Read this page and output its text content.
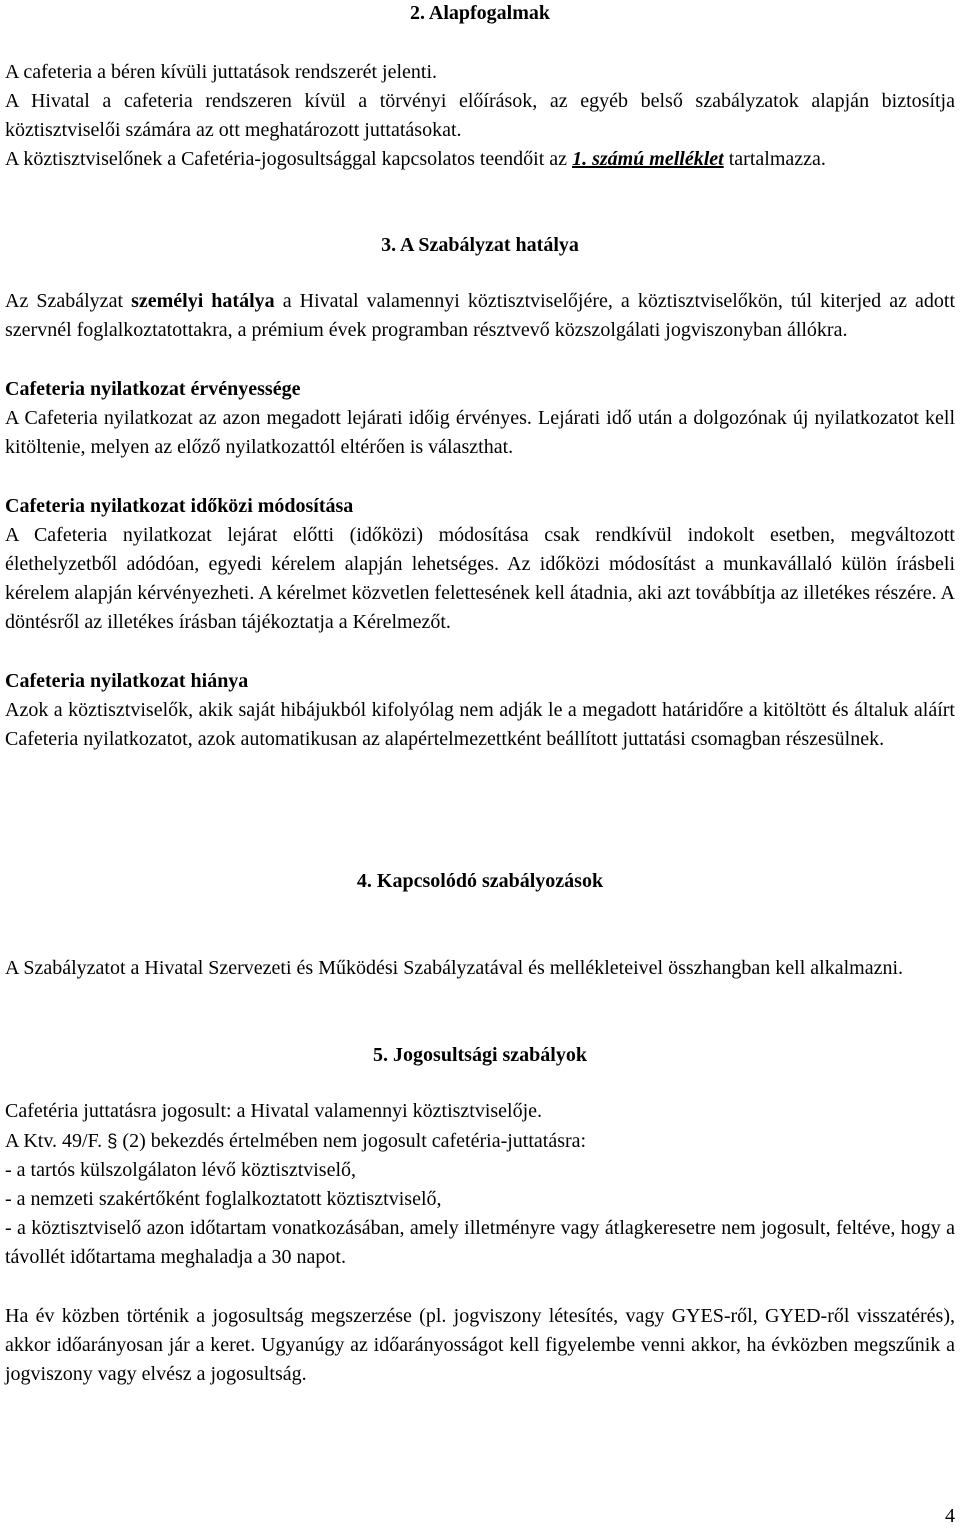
2. Alapfogalmak

A cafeteria a béren kívüli juttatások rendszerét jelenti.

A Hivatal a cafeteria rendszeren kívül a törvényi előírások, az egyéb belső szabályzatok alapján biztosítja köztisztviselői számára az ott meghatározott juttatásokat.

A köztisztviselőnek a Cafetéria-jogosultsággal kapcsolatos teendőit az 1. számú melléklet tartalmazza.

3. A Szabályzat hatálya

Az Szabályzat személyi hatálya a Hivatal valamennyi köztisztviselőjére, a köztisztviselőkön, túl kiterjed az adott szervnél foglalkoztatottakra, a prémium évek programban résztvevő közszolgálati jogviszonyban állókra.

Cafeteria nyilatkozat érvényessége

A Cafeteria nyilatkozat az azon megadott lejárati időig érvényes. Lejárati idő után a dolgozónak új nyilatkozatot kell kitöltenie, melyen az előző nyilatkozattól eltérően is választhat.

Cafeteria nyilatkozat időközi módosítása

A Cafeteria nyilatkozat lejárat előtti (időközi) módosítása csak rendkívül indokolt esetben, megváltozott élethelyzetből adódóan, egyedi kérelem alapján lehetséges. Az időközi módosítást a munkavállaló külön írásbeli kérelem alapján kérvényezheti. A kérelmet közvetlen felettesének kell átadnia, aki azt továbbítja az illetékes részére. A döntésről az illetékes írásban tájékoztatja a Kérelmezőt.

Cafeteria nyilatkozat hiánya

Azok a köztisztviselők, akik saját hibájukból kifolyólag nem adják le a megadott határidőre a kitöltött és általuk aláírt Cafeteria nyilatkozatot, azok automatikusan az alapértelmezettként beállított juttatási csomagban részesülnek.

4. Kapcsolódó szabályozások

A Szabályzatot a Hivatal Szervezeti és Működési Szabályzatával és mellékleteivel összhangban kell alkalmazni.

5. Jogosultsági szabályok

Cafetéria juttatásra jogosult: a Hivatal valamennyi köztisztviselője.

A Ktv. 49/F. § (2) bekezdés értelmében nem jogosult cafetéria-juttatásra:

- a tartós külszolgálaton lévő köztisztviselő,

- a nemzeti szakértőként foglalkoztatott köztisztviselő,

- a köztisztviselő azon időtartam vonatkozásában, amely illetményre vagy átlagkeresetre nem jogosult, feltéve, hogy a távollét időtartama meghaladja a 30 napot.

Ha év közben történik a jogosultság megszerzése (pl. jogviszony létesítés, vagy GYES-ről, GYED-ről visszatérés), akkor időarányosan jár a keret. Ugyanúgy az időarányosságot kell figyelembe venni akkor, ha évközben megszűnik a jogviszony vagy elvész a jogosultság.

4
